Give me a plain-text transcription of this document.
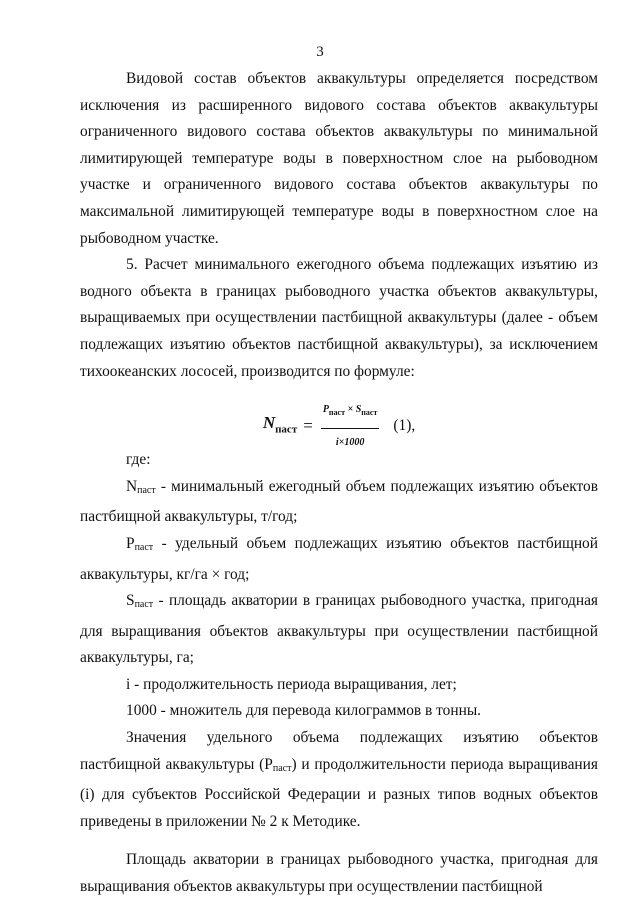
3

Видовой состав объектов аквакультуры определяется посредством исключения из расширенного видового состава объектов аквакультуры ограниченного видового состава объектов аквакультуры по минимальной лимитирующей температуре воды в поверхностном слое на рыбоводном участке и ограниченного видового состава объектов аквакультуры по максимальной лимитирующей температуре воды в поверхностном слое на рыбоводном участке.

5. Расчет минимального ежегодного объема подлежащих изъятию из водного объекта в границах рыбоводного участка объектов аквакультуры, выращиваемых при осуществлении пастбищной аквакультуры (далее - объем подлежащих изъятию объектов пастбищной аквакультуры), за исключением тихоокеанских лососей, производится по формуле:

$N_{паст} = \frac{P_{паст} \times S_{паст}}{i\times 1000} (1)$,

где:

$N_{паст}$ - минимальный ежегодный объем подлежащих изъятию объектов пастбищной аквакультуры, т/год;

$P_{паст}$ - удельный объем подлежащих изъятию объектов пастбищной аквакультуры, кг/га × год;

$S_{паст}$ - площадь акватории в границах рыбоводного участка, пригодная для выращивания объектов аквакультуры при осуществлении пастбищной аквакультуры, га;

i - продолжительность периода выращивания, лет;

1000 - множитель для перевода килограммов в тонны.

Значения удельного объема подлежащих изъятию объектов пастбищной аквакультуры $(P_{паст})$ и продолжительности периода выращивания (i) для субъектов Российской Федерации и разных типов водных объектов приведены в приложении № 2 к Методике.

Площадь акватории в границах рыбоводного участка, пригодная для выращивания объектов аквакультуры при осуществлении пастбищной
